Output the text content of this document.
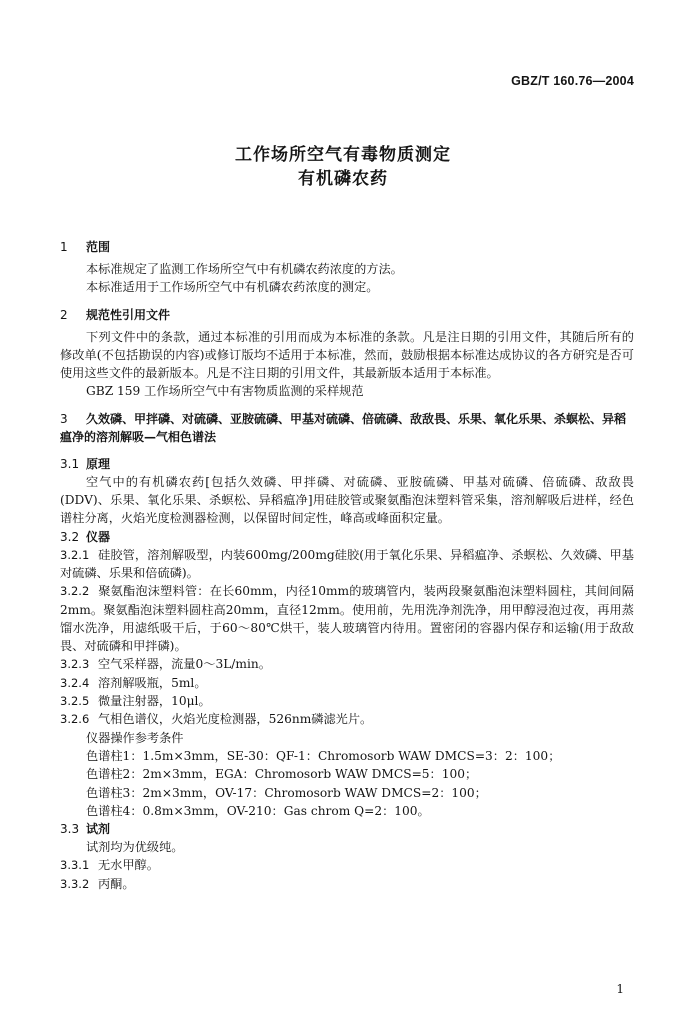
GBZ/T 160.76—2004
工作场所空气有毒物质测定
有机磷农药

1 范围

本标准规定了监测工作场所空气中有机磷农药浓度的方法。

本标准适用于工作场所空气中有机磷农药浓度的测定。

2 规范性引用文件

下列文件中的条款，通过本标准的引用而成为本标准的条款。凡是注日期的引用文件，其随后所有的修改单(不包括勘误的内容)或修订版均不适用于本标准，然而，鼓励根据本标准达成协议的各方研究是否可使用这些文件的最新版本。凡是不注日期的引用文件，其最新版本适用于本标准。

GBZ 159 工作场所空气中有害物质监测的采样规范

3 久效磷、甲拌磷、对硫磷、亚胺硫磷、甲基对硫磷、倍硫磷、敌敌畏、乐果、氧化乐果、杀螟松、异稻瘟净的溶剂解吸—气相色谱法

3.1 原理

空气中的有机磷农药[包括久效磷、甲拌磷、对硫磷、亚胺硫磷、甲基对硫磷、倍硫磷、敌敌畏(DDV)、乐果、氧化乐果、杀螟松、异稻瘟净]用硅胶管或聚氨酯泡沫塑料管采集，溶剂解吸后进样，经色谱柱分离，火焰光度检测器检测，以保留时间定性，峰高或峰面积定量。

3.2 仪器

3.2.1 硅胶管，溶剂解吸型，内装600mg/200mg硅胶(用于氧化乐果、异稻瘟净、杀螟松、久效磷、甲基对硫磷、乐果和倍硫磷)。

3.2.2 聚氨酯泡沫塑料管：在长60mm，内径10mm的玻璃管内，装两段聚氨酯泡沫塑料圆柱，其间间隔2mm。聚氨酯泡沫塑料圆柱高20mm，直径12mm。使用前，先用洗净剂洗净，用甲醇浸泡过夜，再用蒸馏水洗净，用滤纸吸干后，于60～80℃烘干，装人玻璃管内待用。置密闭的容器内保存和运输(用于敌敌畏、对硫磷和甲拌磷)。

3.2.3 空气采样器，流量0～3L/min。

3.2.4 溶剂解吸瓶，5ml。

3.2.5 微量注射器，10μl。

3.2.6 气相色谱仪，火焰光度检测器，526nm磷滤光片。

仪器操作参考条件

色谱柱1：1.5m×3mm，SE-30：QF-1：Chromosorb WAW DMCS=3：2：100；

色谱柱2：2m×3mm，EGA：Chromosorb WAW DMCS=5：100；

色谱柱3：2m×3mm，OV-17：Chromosorb WAW DMCS=2：100；

色谱柱4：0.8m×3mm，OV-210：Gas chrom Q=2：100。

3.3 试剂

试剂均为优级纯。

3.3.1 无水甲醇。

3.3.2 丙酮。

1
